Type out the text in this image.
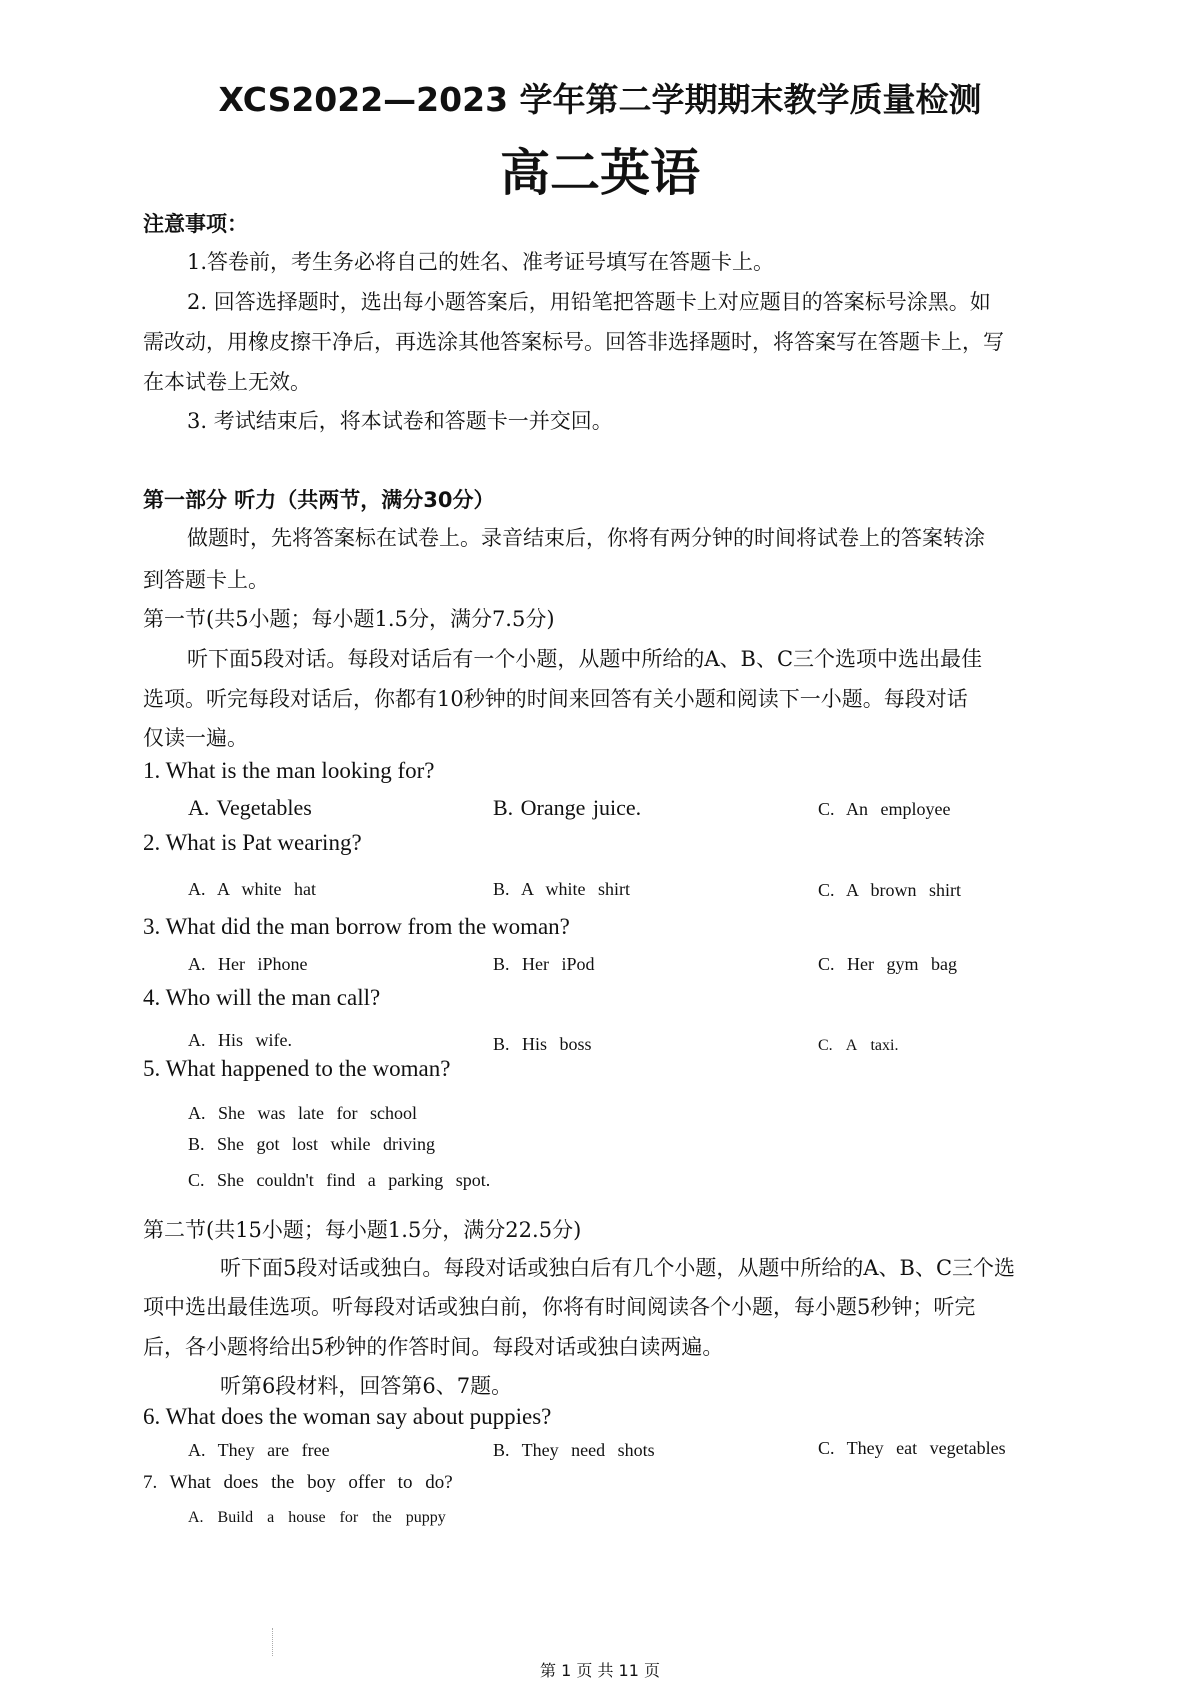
XCS2022—2023 学年第二学期期末教学质量检测
高二英语
注意事项：
1.答卷前，考生务必将自己的姓名、准考证号填写在答题卡上。
2. 回答选择题时，选出每小题答案后，用铅笔把答题卡上对应题目的答案标号涂黑。如
需改动，用橡皮擦干净后，再选涂其他答案标号。回答非选择题时，将答案写在答题卡上，写
在本试卷上无效。
3. 考试结束后，将本试卷和答题卡一并交回。
第一部分 听力（共两节，满分30分）
做题时，先将答案标在试卷上。录音结束后，你将有两分钟的时间将试卷上的答案转涂
到答题卡上。
第一节(共5小题；每小题1.5分，满分7.5分)
听下面5段对话。每段对话后有一个小题，从题中所给的A、B、C三个选项中选出最佳
选项。听完每段对话后，你都有10秒钟的时间来回答有关小题和阅读下一小题。每段对话
仅读一遍。
1. What is the man looking for?
A. Vegetables	B. Orange juice.	C. An employee
2. What is Pat wearing?
A. A white hat	B. A white shirt	C. A brown shirt
3. What did the man borrow from the woman?
A. Her iPhone	B. Her iPod	C. Her gym bag
4. Who will the man call?
A. His wife.	B. His boss	C. A taxi.
5. What happened to the woman?
A. She was late for school
B. She got lost while driving
C. She couldn't find a parking spot.
第二节(共15小题；每小题1.5分，满分22.5分)
听下面5段对话或独白。每段对话或独白后有几个小题，从题中所给的A、B、C三个选
项中选出最佳选项。听每段对话或独白前，你将有时间阅读各个小题，每小题5秒钟；听完
后，各小题将给出5秒钟的作答时间。每段对话或独白读两遍。
听第6段材料，回答第6、7题。
6. What does the woman say about puppies?
A. They are free	B. They need shots	C. They eat vegetables
7. What does the boy offer to do?
A. Build a house for the puppy
第 1 页 共 11 页
